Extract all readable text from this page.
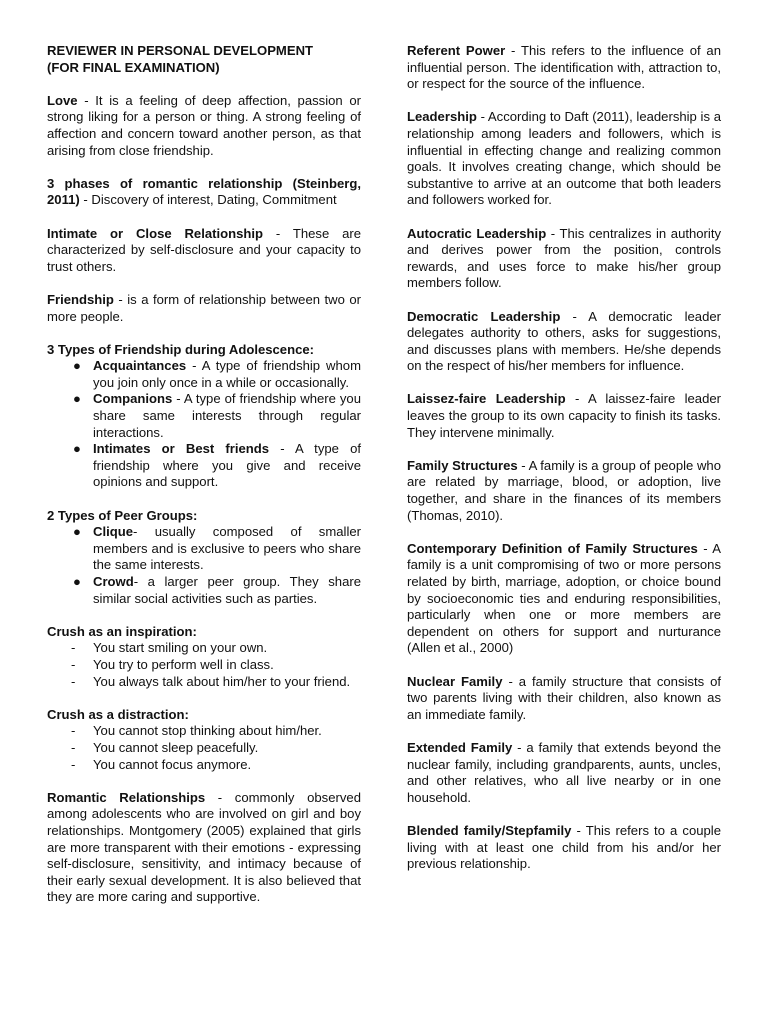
REVIEWER IN PERSONAL DEVELOPMENT
(FOR FINAL EXAMINATION)

Love - It is a feeling of deep affection, passion or strong liking for a person or thing. A strong feeling of affection and concern toward another person, as that arising from close friendship.

3 phases of romantic relationship (Steinberg, 2011) - Discovery of interest, Dating, Commitment

Intimate or Close Relationship - These are characterized by self-disclosure and your capacity to trust others.

Friendship - is a form of relationship between two or more people.

3 Types of Friendship during Adolescence:

● Acquaintances - A type of friendship whom you join only once in a while or occasionally.
● Companions - A type of friendship where you share same interests through regular interactions.
● Intimates or Best friends - A type of friendship where you give and receive opinions and support.

2 Types of Peer Groups:

● Clique- usually composed of smaller members and is exclusive to peers who share the same interests.
● Crowd- a larger peer group. They share similar social activities such as parties.

Crush as an inspiration:

- You start smiling on your own.
- You try to perform well in class.
- You always talk about him/her to your friend.

Crush as a distraction:

- You cannot stop thinking about him/her.
- You cannot sleep peacefully.
- You cannot focus anymore.

Romantic Relationships - commonly observed among adolescents who are involved on girl and boy relationships. Montgomery (2005) explained that girls are more transparent with their emotions - expressing self-disclosure, sensitivity, and intimacy because of their early sexual development. It is also believed that they are more caring and supportive.

Referent Power - This refers to the influence of an influential person. The identification with, attraction to, or respect for the source of the influence.

Leadership - According to Daft (2011), leadership is a relationship among leaders and followers, which is influential in effecting change and realizing common goals. It involves creating change, which should be substantive to arrive at an outcome that both leaders and followers worked for.

Autocratic Leadership - This centralizes in authority and derives power from the position, controls rewards, and uses force to make his/her group members follow.

Democratic Leadership - A democratic leader delegates authority to others, asks for suggestions, and discusses plans with members. He/she depends on the respect of his/her members for influence.

Laissez-faire Leadership - A laissez-faire leader leaves the group to its own capacity to finish its tasks. They intervene minimally.

Family Structures - A family is a group of people who are related by marriage, blood, or adoption, live together, and share in the finances of its members (Thomas, 2010).

Contemporary Definition of Family Structures - A family is a unit compromising of two or more persons related by birth, marriage, adoption, or choice bound by socioeconomic ties and enduring responsibilities, particularly when one or more members are dependent on others for support and nurturance (Allen et al., 2000)

Nuclear Family - a family structure that consists of two parents living with their children, also known as an immediate family.

Extended Family - a family that extends beyond the nuclear family, including grandparents, aunts, uncles, and other relatives, who all live nearby or in one household.

Blended family/Stepfamily - This refers to a couple living with at least one child from his and/or her previous relationship.
